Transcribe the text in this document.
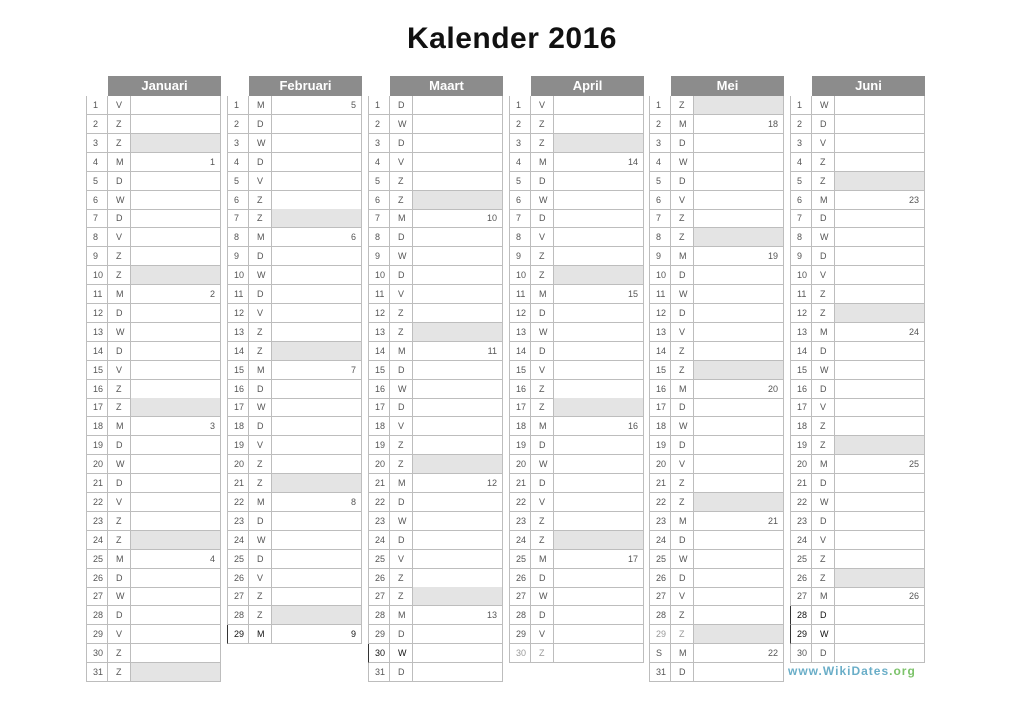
Kalender 2016
Januari
1	V
2	Z
3	Z
4	M	1
5	D
6	W
7	D
8	V
9	Z
10	Z
11	M	2
12	D
13	W
14	D
15	V
16	Z
17	Z
18	M	3
19	D
20	W
21	D
22	V
23	Z
24	Z
25	M	4
26	D
27	W
28	D
29	V
30	Z
31	Z
Februari
1	M	5
2	D
3	W
4	D
5	V
6	Z
7	Z
8	M	6
9	D
10	W
11	D
12	V
13	Z
14	Z
15	M	7
16	D
17	W
18	D
19	V
20	Z
21	Z
22	M	8
23	D
24	W
25	D
26	V
27	Z
28	Z
29	M	9
Maart
1	D
2	W
3	D
4	V
5	Z
6	Z
7	M	10
8	D
9	W
10	D
11	V
12	Z
13	Z
14	M	11
15	D
16	W
17	D
18	V
19	Z
20	Z
21	M	12
22	D
23	W
24	D
25	V
26	Z
27	Z
28	M	13
29	D
30	W
31	D
April
1	V
2	Z
3	Z
4	M	14
5	D
6	W
7	D
8	V
9	Z
10	Z
11	M	15
12	D
13	W
14	D
15	V
16	Z
17	Z
18	M	16
19	D
20	W
21	D
22	V
23	Z
24	Z
25	M	17
26	D
27	W
28	D
29	V
30	Z
Mei
1	Z
2	M	18
3	D
4	W
5	D
6	V
7	Z
8	Z
9	M	19
10	D
11	W
12	D
13	V
14	Z
15	Z
16	M	20
17	D
18	W
19	D
20	V
21	Z
22	Z
23	M	21
24	D
25	W
26	D
27	V
28	Z
29	Z
S	M	22
31	D
Juni
1	W
2	D
3	V
4	Z
5	Z
6	M	23
7	D
8	W
9	D
10	V
11	Z
12	Z
13	M	24
14	D
15	W
16	D
17	V
18	Z
19	Z
20	M	25
21	D
22	W
23	D
24	V
25	Z
26	Z
27	M	26
28	D
29	W
30	D
www.WikiDates.org
